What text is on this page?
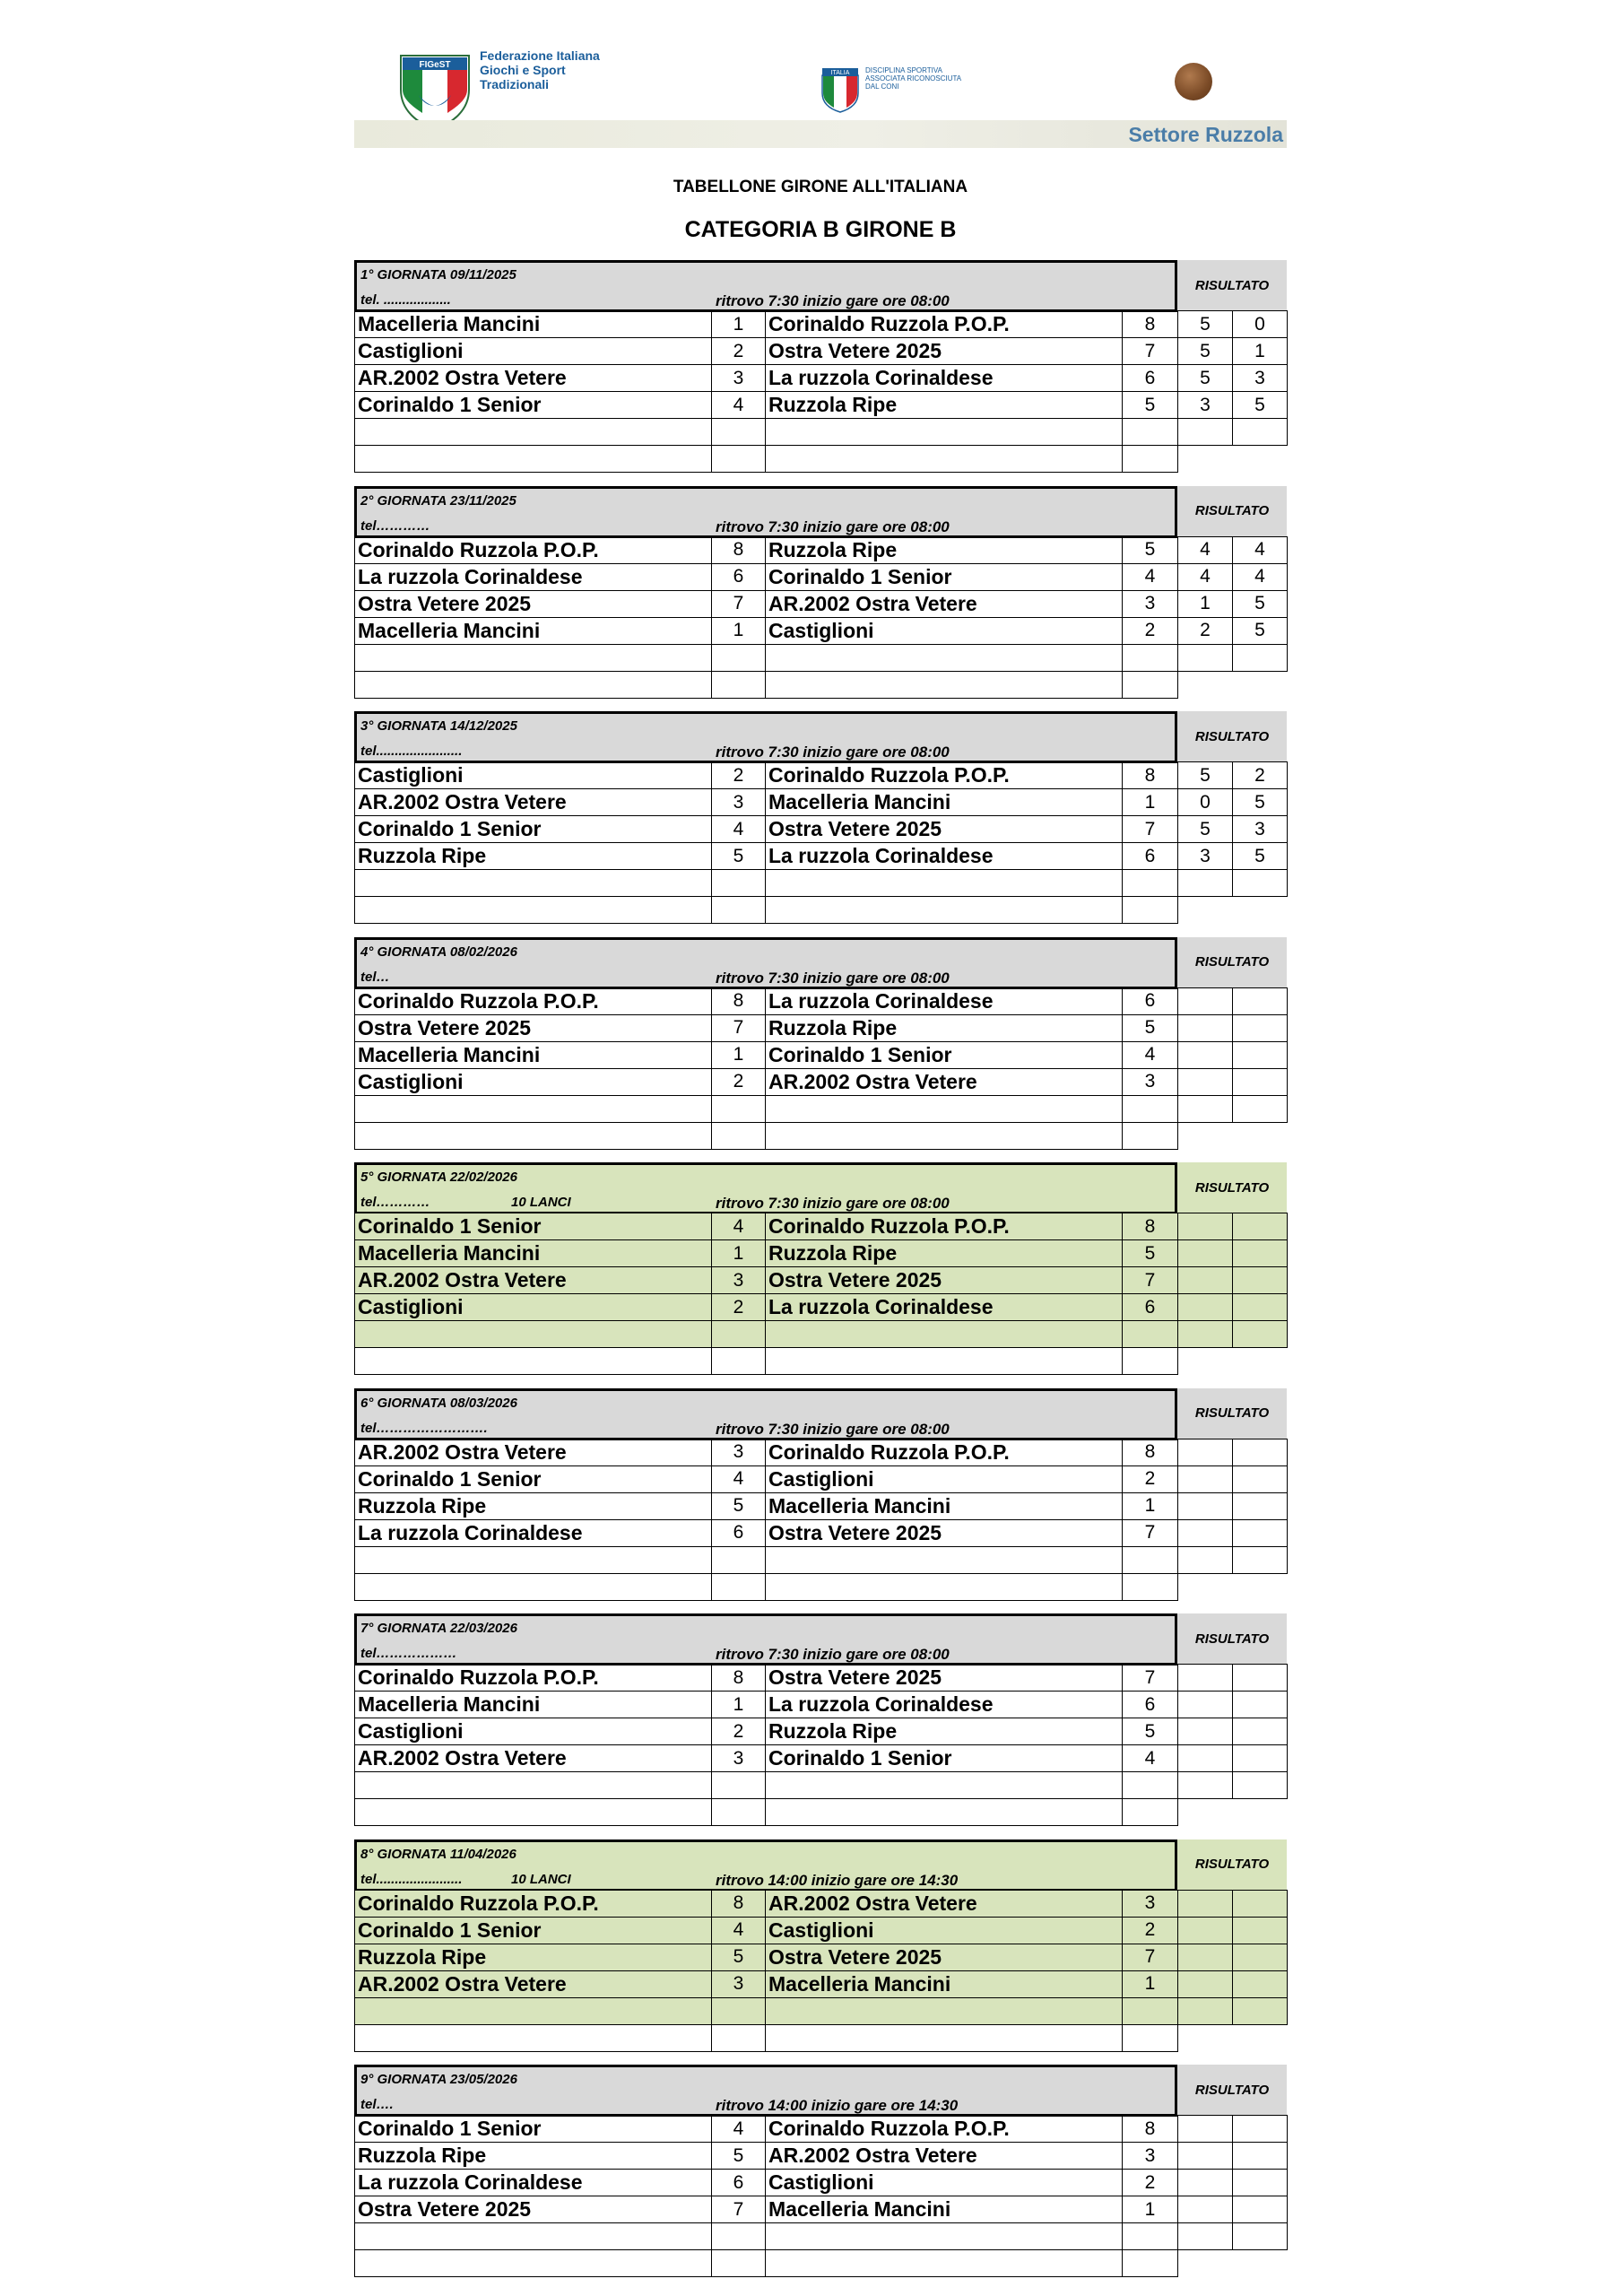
FIGeST
Federazione Italiana
Giochi e Sport
Tradizionali
ITALIA DISCIPLINA SPORTIVA
ASSOCIATA RICONOSCIUTA
DAL CONI
Settore Ruzzola
TABELLONE GIRONE ALL'ITALIANA
CATEGORIA B GIRONE B
1° GIORNATA 09/11/2025
tel. ..................	ritrovo 7:30 inizio gare ore 08:00
RISULTATO
Macelleria Mancini	1	Corinaldo Ruzzola P.O.P.	8	5	0
Castiglioni	2	Ostra Vetere 2025	7	5	1
AR.2002 Ostra Vetere	3	La ruzzola Corinaldese	6	5	3
Corinaldo 1 Senior	4	Ruzzola Ripe	5	3	5

2° GIORNATA 23/11/2025
tel…………	ritrovo 7:30 inizio gare ore 08:00
RISULTATO
Corinaldo Ruzzola P.O.P.	8	Ruzzola Ripe	5	4	4
La ruzzola Corinaldese	6	Corinaldo 1 Senior	4	4	4
Ostra Vetere 2025	7	AR.2002 Ostra Vetere	3	1	5
Macelleria Mancini	1	Castiglioni	2	2	5

3° GIORNATA 14/12/2025
tel.......................	ritrovo 7:30 inizio gare ore 08:00
RISULTATO
Castiglioni	2	Corinaldo Ruzzola P.O.P.	8	5	2
AR.2002 Ostra Vetere	3	Macelleria Mancini	1	0	5
Corinaldo 1 Senior	4	Ostra Vetere 2025	7	5	3
Ruzzola Ripe	5	La ruzzola Corinaldese	6	3	5

4° GIORNATA 08/02/2026
tel…	ritrovo 7:30 inizio gare ore 08:00
RISULTATO
Corinaldo Ruzzola P.O.P.	8	La ruzzola Corinaldese	6		
Ostra Vetere 2025	7	Ruzzola Ripe	5		
Macelleria Mancini	1	Corinaldo 1 Senior	4		
Castiglioni	2	AR.2002 Ostra Vetere	3		

5° GIORNATA 22/02/2026
tel…………	10 LANCI	ritrovo 7:30 inizio gare ore 08:00
RISULTATO
Corinaldo 1 Senior	4	Corinaldo Ruzzola P.O.P.	8		
Macelleria Mancini	1	Ruzzola Ripe	5		
AR.2002 Ostra Vetere	3	Ostra Vetere 2025	7		
Castiglioni	2	La ruzzola Corinaldese	6		

6° GIORNATA 08/03/2026
tel…………………….	ritrovo 7:30 inizio gare ore 08:00
RISULTATO
AR.2002 Ostra Vetere	3	Corinaldo Ruzzola P.O.P.	8		
Corinaldo 1 Senior	4	Castiglioni	2		
Ruzzola Ripe	5	Macelleria Mancini	1		
La ruzzola Corinaldese	6	Ostra Vetere 2025	7		

7° GIORNATA 22/03/2026
tel………………	ritrovo 7:30 inizio gare ore 08:00
RISULTATO
Corinaldo Ruzzola P.O.P.	8	Ostra Vetere 2025	7		
Macelleria Mancini	1	La ruzzola Corinaldese	6		
Castiglioni	2	Ruzzola Ripe	5		
AR.2002 Ostra Vetere	3	Corinaldo 1 Senior	4		

8° GIORNATA 11/04/2026
tel.......................	10 LANCI	ritrovo 14:00 inizio gare ore 14:30
RISULTATO
Corinaldo Ruzzola P.O.P.	8	AR.2002 Ostra Vetere	3		
Corinaldo 1 Senior	4	Castiglioni	2		
Ruzzola Ripe	5	Ostra Vetere 2025	7		
AR.2002 Ostra Vetere	3	Macelleria Mancini	1		

9° GIORNATA 23/05/2026
tel….	ritrovo 14:00 inizio gare ore 14:30
RISULTATO
Corinaldo 1 Senior	4	Corinaldo Ruzzola P.O.P.	8		
Ruzzola Ripe	5	AR.2002 Ostra Vetere	3		
La ruzzola Corinaldese	6	Castiglioni	2		
Ostra Vetere 2025	7	Macelleria Mancini	1		
